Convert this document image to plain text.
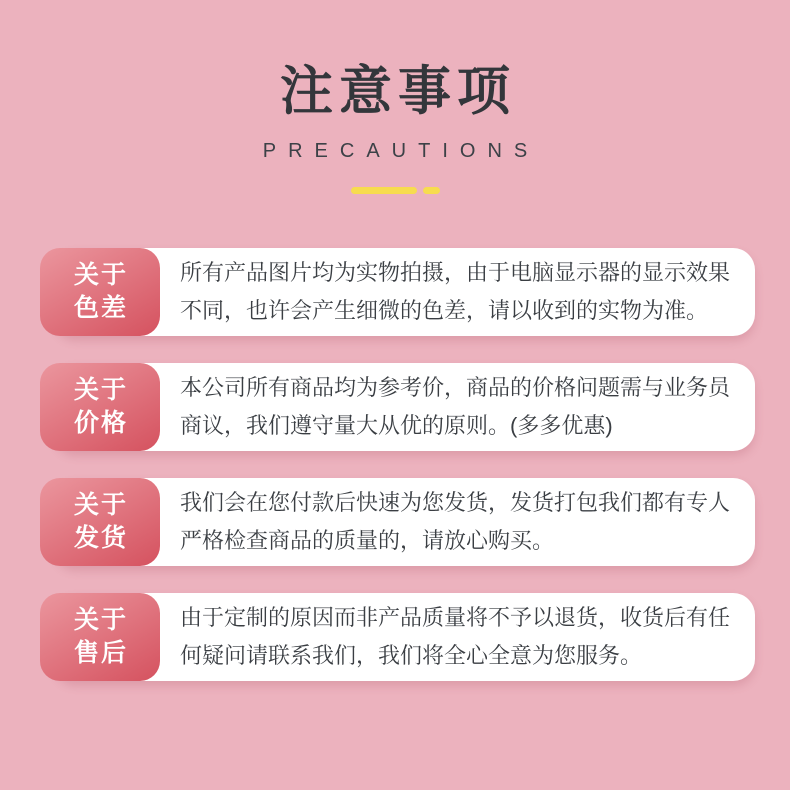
注意事项
PRECAUTIONS
关于
色差

所有产品图片均为实物拍摄，由于电脑显示器的显示效果不同，也许会产生细微的色差，请以收到的实物为准。

关于
价格

本公司所有商品均为参考价，商品的价格问题需与业务员商议，我们遵守量大从优的原则。(多多优惠)

关于
发货

我们会在您付款后快速为您发货，发货打包我们都有专人严格检查商品的质量的，请放心购买。

关于
售后

由于定制的原因而非产品质量将不予以退货，收货后有任何疑问请联系我们，我们将全心全意为您服务。
